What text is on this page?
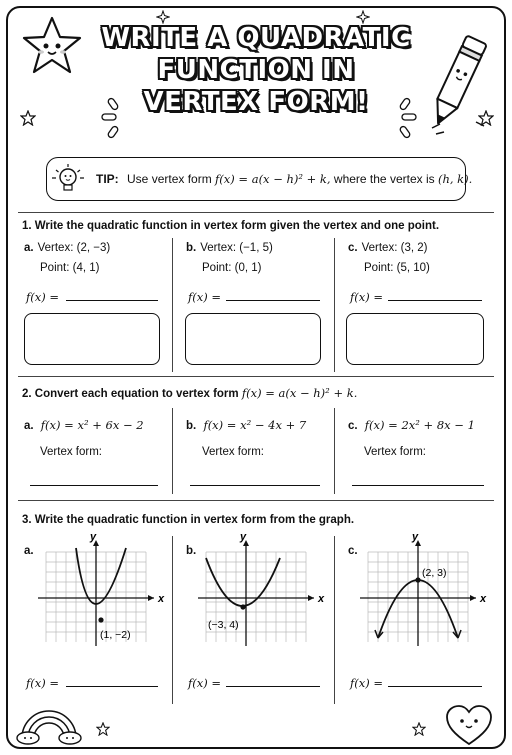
WRITE A QUADRATIC
FUNCTION IN
VERTEX FORM!
TIP: Use vertex form f(x) = a(x − h)² + k, where the vertex is (h, k).
1. Write the quadratic function in vertex form given the vertex and one point.
a. Vertex: (2, −3)
Point: (4, 1)
f(x) =
b. Vertex: (−1, 5)
Point: (0, 1)
f(x) =
c. Vertex: (3, 2)
Point: (5, 10)
f(x) =
2. Convert each equation to vertex form f(x) = a(x − h)² + k.
a. f(x) = x² + 6x − 2
Vertex form:
b. f(x) = x² − 4x + 7
Vertex form:
c. f(x) = 2x² + 8x − 1
Vertex form:
3. Write the quadratic function in vertex form from the graph.
a.
x
y
(1, −2)
f(x) =
b.
x
y
(−3, 4)
f(x) =
c.
x
y
(2, 3)
f(x) =
